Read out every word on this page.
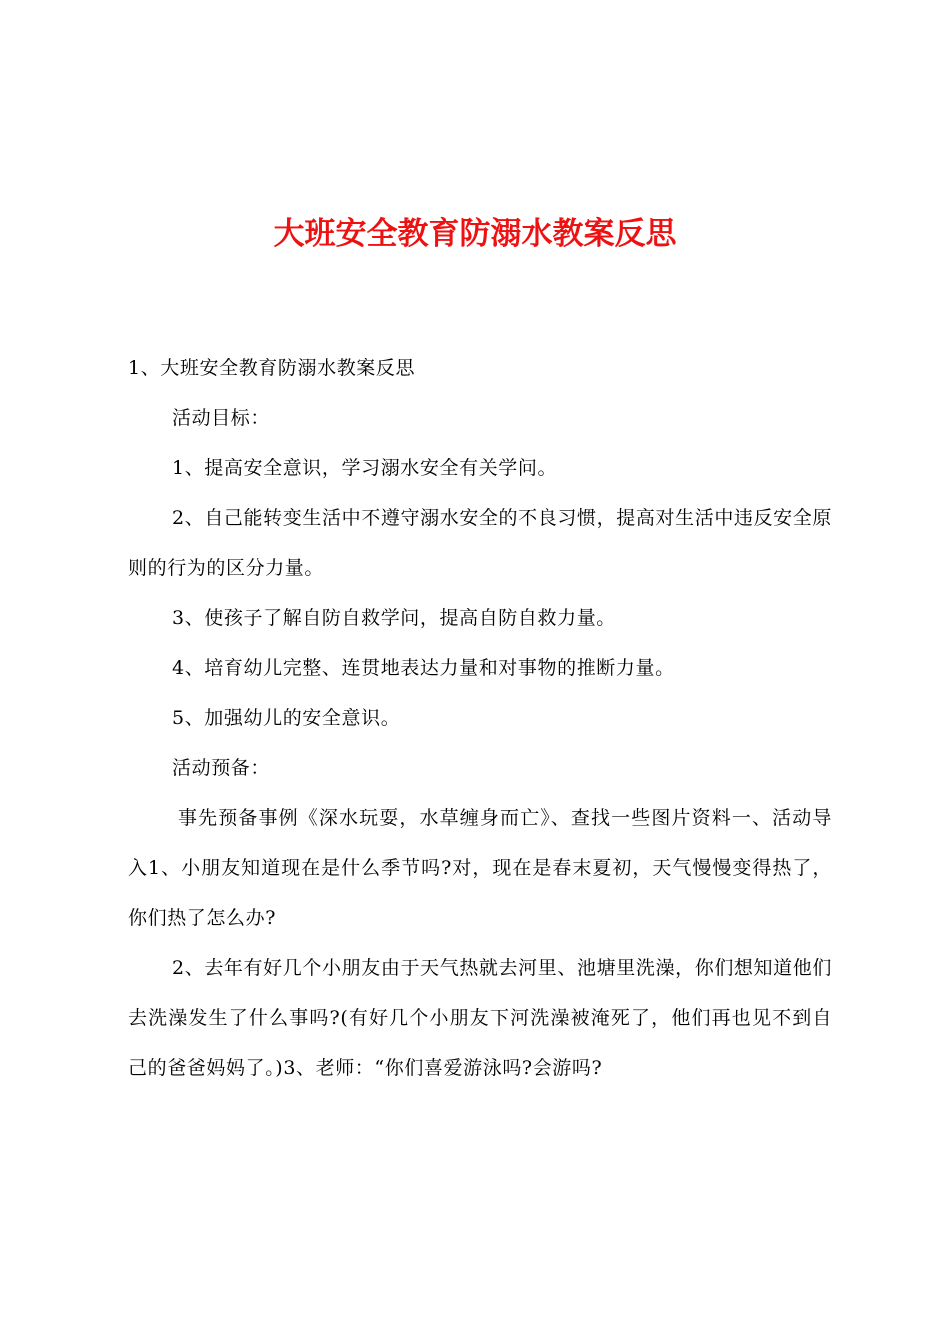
大班安全教育防溺水教案反思

1、大班安全教育防溺水教案反思

活动目标：

1、提高安全意识，学习溺水安全有关学问。

2、自己能转变生活中不遵守溺水安全的不良习惯，提高对生活中违反安全原则的行为的区分力量。

3、使孩子了解自防自救学问，提高自防自救力量。

4、培育幼儿完整、连贯地表达力量和对事物的推断力量。

5、加强幼儿的安全意识。

活动预备：

事先预备事例《深水玩耍，水草缠身而亡》、查找一些图片资料一、活动导入1、小朋友知道现在是什么季节吗?对，现在是春末夏初，天气慢慢变得热了，你们热了怎么办?

2、去年有好几个小朋友由于天气热就去河里、池塘里洗澡，你们想知道他们去洗澡发生了什么事吗?(有好几个小朋友下河洗澡被淹死了，他们再也见不到自己的爸爸妈妈了。)3、老师：“你们喜爱游泳吗?会游吗?
